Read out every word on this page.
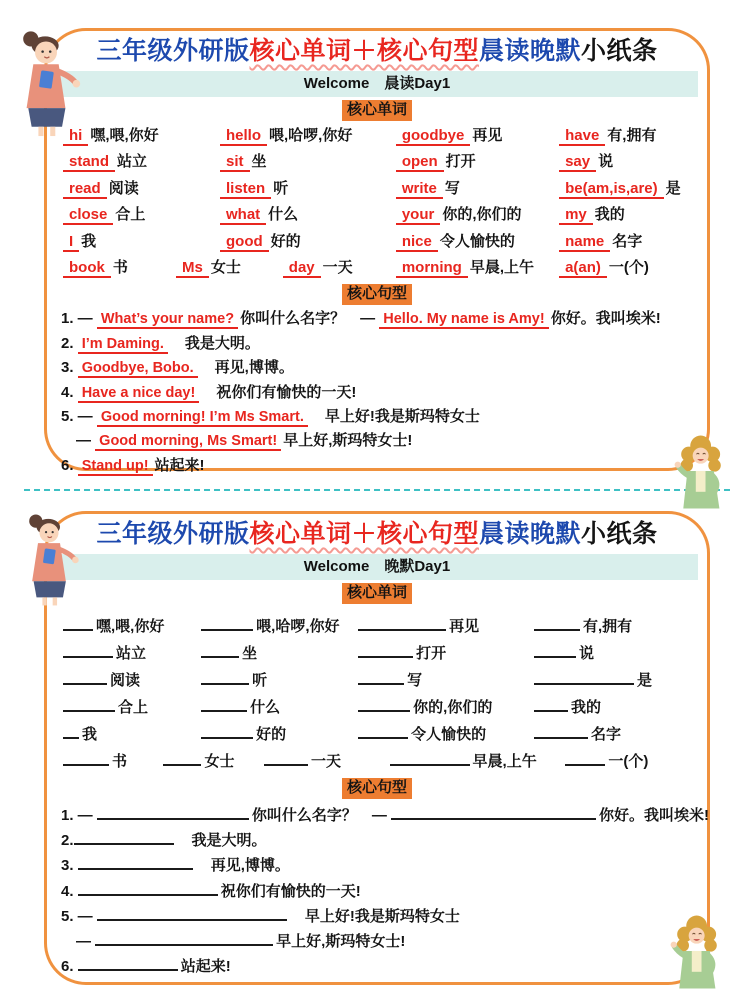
三年级外研版核心单词＋核心句型晨读晚默小纸条
Welcome　晨读Day1
核心单词
hi 嘿,喂,你好	hello 喂,哈啰,你好	goodbye 再见	have 有,拥有
stand 站立	sit 坐	open 打开	say 说
read 阅读	listen 听	write 写	be(am,is,are) 是
close 合上	what 什么	your 你的,你们的	my 我的
I 我	good 好的	nice 令人愉快的	name 名字
book 书	Ms 女士	day 一天	morning 早晨,上午	a(an) 一(个)
核心句型
1. — What’s your name? 你叫什么名字？　— Hello. My name is Amy! 你好。我叫埃米!
2. I’m Daming.　我是大明。
3. Goodbye, Bobo.　再见,博博。
4. Have a nice day!　祝你们有愉快的一天!
5. — Good morning! I’m Ms Smart.　早上好!我是斯玛特女士
— Good morning, Ms Smart! 早上好,斯玛特女士!
6. Stand up! 站起来!
三年级外研版核心单词＋核心句型晨读晚默小纸条
Welcome　晚默Day1
核心单词
嘿,喂,你好	喂,哈啰,你好	再见	有,拥有
站立	坐	打开	说
阅读	听	写	是
合上	什么	你的,你们的	我的
我	好的	令人愉快的	名字
书	女士	一天	早晨,上午	一(个)
核心句型
1. —	你叫什么名字？　—	你好。我叫埃米!
2.	　我是大明。
3.	　再见,博博。
4.	祝你们有愉快的一天!
5. —	　早上好!我是斯玛特女士
—	早上好,斯玛特女士!
6.	站起来!
